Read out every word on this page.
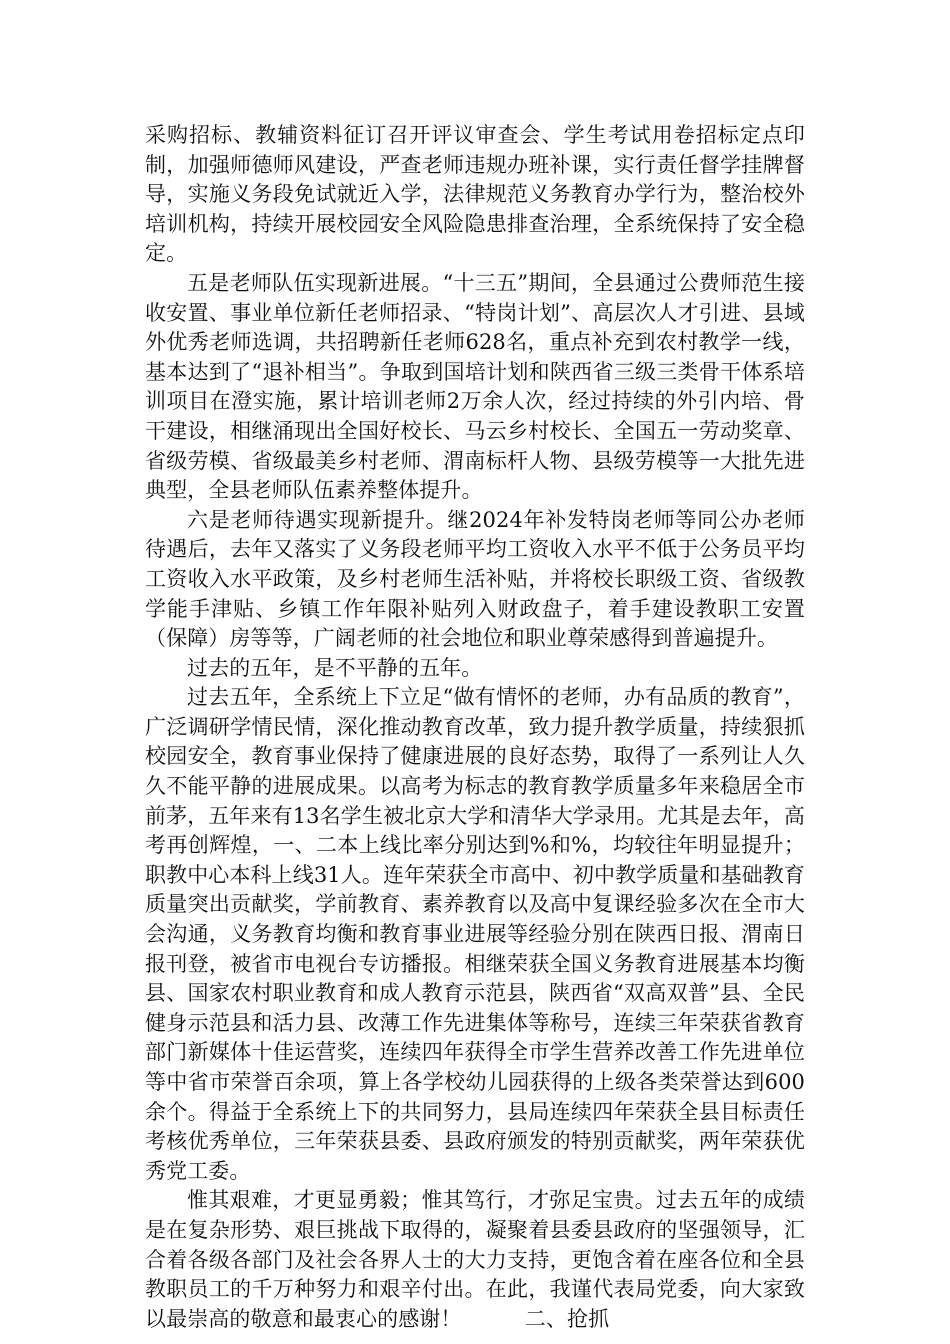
采购招标、教辅资料征订召开评议审查会、学生考试用卷招标定点印制，加强师德师风建设，严查老师违规办班补课，实行责任督学挂牌督导，实施义务段免试就近入学，法律规范义务教育办学行为，整治校外培训机构，持续开展校园安全风险隐患排查治理，全系统保持了安全稳定。

五是老师队伍实现新进展。“十三五”期间，全县通过公费师范生接收安置、事业单位新任老师招录、“特岗计划”、高层次人才引进、县域外优秀老师选调，共招聘新任老师628名，重点补充到农村教学一线，基本达到了“退补相当”。争取到国培计划和陕西省三级三类骨干体系培训项目在澄实施，累计培训老师2万余人次，经过持续的外引内培、骨干建设，相继涌现出全国好校长、马云乡村校长、全国五一劳动奖章、省级劳模、省级最美乡村老师、渭南标杆人物、县级劳模等一大批先进典型，全县老师队伍素养整体提升。

六是老师待遇实现新提升。继2024年补发特岗老师等同公办老师待遇后，去年又落实了义务段老师平均工资收入水平不低于公务员平均工资收入水平政策，及乡村老师生活补贴，并将校长职级工资、省级教学能手津贴、乡镇工作年限补贴列入财政盘子，着手建设教职工安置（保障）房等等，广阔老师的社会地位和职业尊荣感得到普遍提升。

过去的五年，是不平静的五年。

过去五年，全系统上下立足“做有情怀的老师，办有品质的教育”，广泛调研学情民情，深化推动教育改革，致力提升教学质量，持续狠抓校园安全，教育事业保持了健康进展的良好态势，取得了一系列让人久久不能平静的进展成果。以高考为标志的教育教学质量多年来稳居全市前茅，五年来有13名学生被北京大学和清华大学录用。尤其是去年，高考再创辉煌，一、二本上线比率分别达到%和%，均较往年明显提升；职教中心本科上线31人。连年荣获全市高中、初中教学质量和基础教育质量突出贡献奖，学前教育、素养教育以及高中复课经验多次在全市大会沟通，义务教育均衡和教育事业进展等经验分别在陕西日报、渭南日报刊登，被省市电视台专访播报。相继荣获全国义务教育进展基本均衡县、国家农村职业教育和成人教育示范县，陕西省“双高双普”县、全民健身示范县和活力县、改薄工作先进集体等称号，连续三年荣获省教育部门新媒体十佳运营奖，连续四年获得全市学生营养改善工作先进单位等中省市荣誉百余项，算上各学校幼儿园获得的上级各类荣誉达到600余个。得益于全系统上下的共同努力，县局连续四年荣获全县目标责任考核优秀单位，三年荣获县委、县政府颁发的特别贡献奖，两年荣获优秀党工委。

惟其艰难，才更显勇毅；惟其笃行，才弥足宝贵。过去五年的成绩是在复杂形势、艰巨挑战下取得的，凝聚着县委县政府的坚强领导，汇合着各级各部门及社会各界人士的大力支持，更饱含着在座各位和全县教职员工的千万种努力和艰辛付出。在此，我谨代表局党委，向大家致以最崇高的敬意和最衷心的感谢！　　　二、抢抓
